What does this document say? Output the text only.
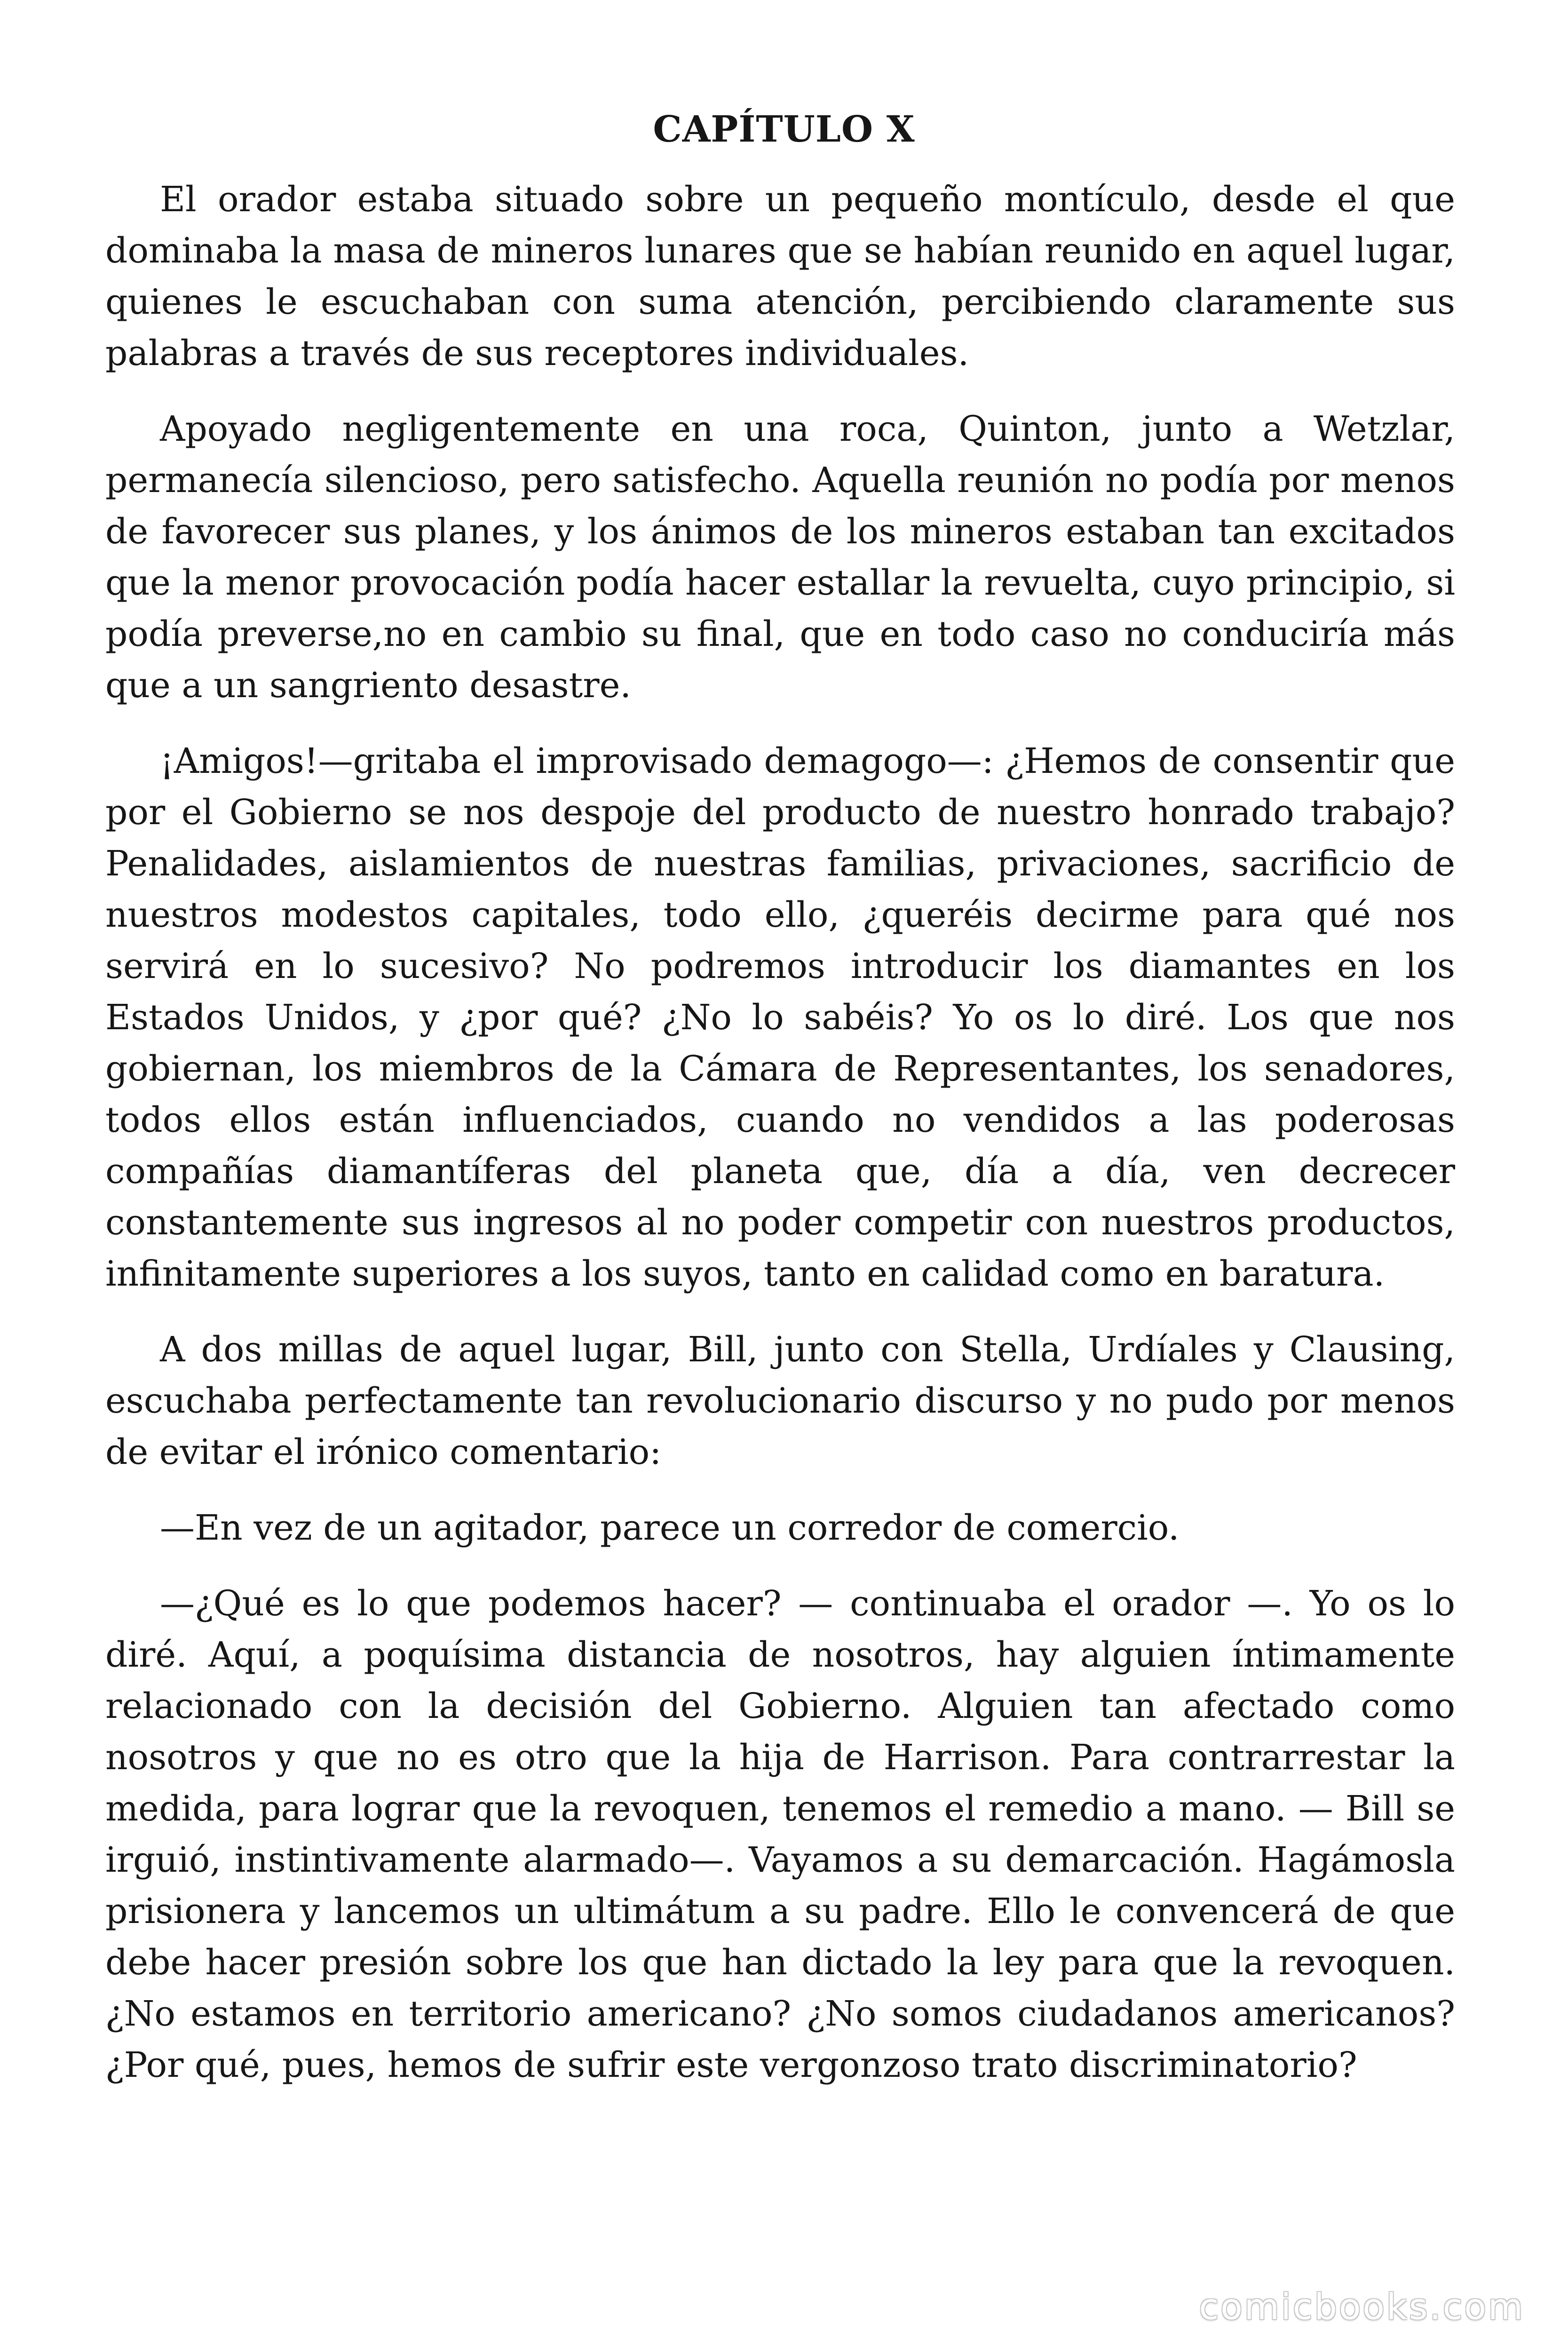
CAPÍTULO X

El orador estaba situado sobre un pequeño montículo, desde el que dominaba la masa de mineros lunares que se habían reunido en aquel lugar, quienes le escuchaban con suma atención, percibiendo claramente sus palabras a través de sus receptores individuales.

Apoyado negligentemente en una roca, Quinton, junto a Wetzlar, permanecía silencioso, pero satisfecho. Aquella reunión no podía por menos de favorecer sus planes, y los ánimos de los mineros estaban tan excitados que la menor provocación podía hacer estallar la revuelta, cuyo principio, si podía preverse,no en cambio su final, que en todo caso no conduciría más que a un sangriento desastre.

¡Amigos!—gritaba el improvisado demagogo—: ¿Hemos de consentir que por el Gobierno se nos despoje del producto de nuestro honrado trabajo? Penalidades, aislamientos de nuestras familias, privaciones, sacrificio de nuestros modestos capitales, todo ello, ¿queréis decirme para qué nos servirá en lo sucesivo? No podremos introducir los diamantes en los Estados Unidos, y ¿por qué? ¿No lo sabéis? Yo os lo diré. Los que nos gobiernan, los miembros de la Cámara de Representantes, los senadores, todos ellos están influenciados, cuando no vendidos a las poderosas compañías diamantíferas del planeta que, día a día, ven decrecer constantemente sus ingresos al no poder competir con nuestros productos, infinitamente superiores a los suyos, tanto en calidad como en baratura.

A dos millas de aquel lugar, Bill, junto con Stella, Urdíales y Clausing, escuchaba perfectamente tan revolucionario discurso y no pudo por menos de evitar el irónico comentario:

—En vez de un agitador, parece un corredor de comercio.

—¿Qué es lo que podemos hacer? — continuaba el orador —. Yo os lo diré. Aquí, a poquísima distancia de nosotros, hay alguien íntimamente relacionado con la decisión del Gobierno. Alguien tan afectado como nosotros y que no es otro que la hija de Harrison. Para contrarrestar la medida, para lograr que la revoquen, tenemos el remedio a mano. — Bill se irguió, instintivamente alarmado—. Vayamos a su demarcación. Hagámosla prisionera y lancemos un ultimátum a su padre. Ello le convencerá de que debe hacer presión sobre los que han dictado la ley para que la revoquen. ¿No estamos en territorio americano? ¿No somos ciudadanos americanos? ¿Por qué, pues, hemos de sufrir este vergonzoso trato discriminatorio?

comicbooks.com
